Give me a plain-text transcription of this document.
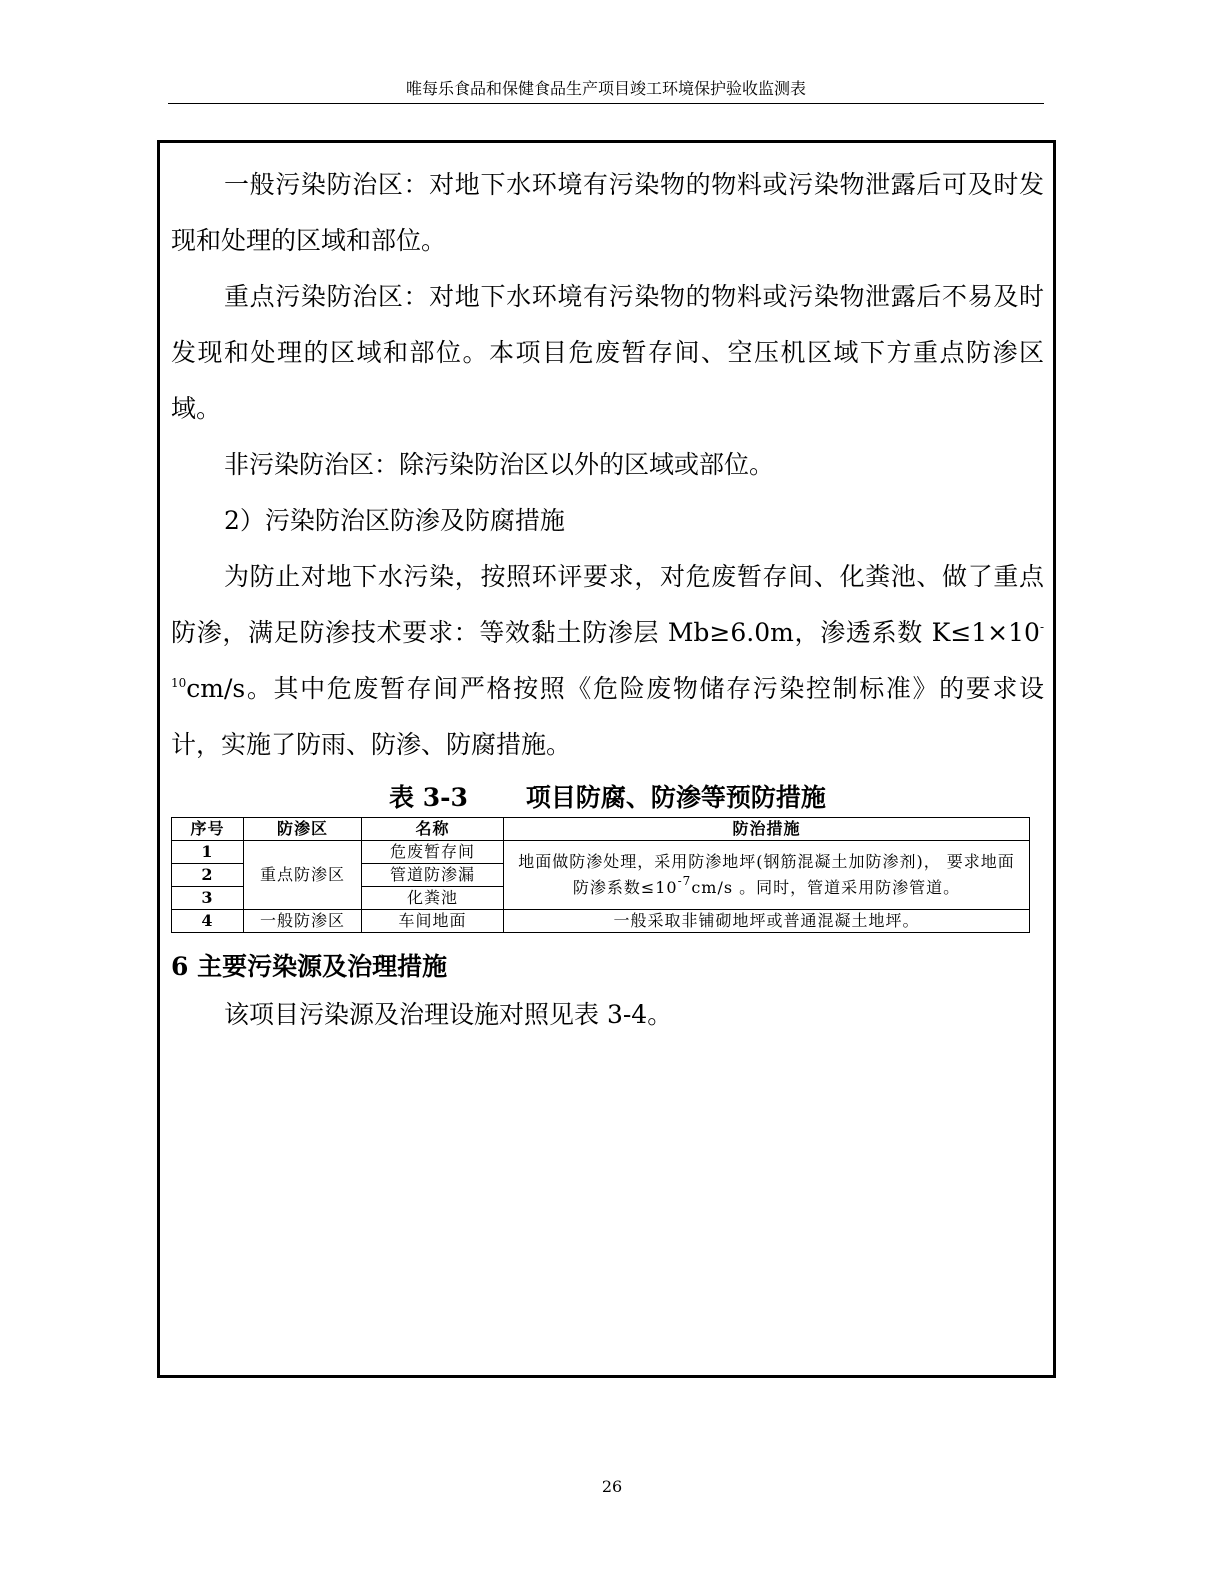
唯每乐食品和保健食品生产项目竣工环境保护验收监测表

一般污染防治区：对地下水环境有污染物的物料或污染物泄露后可及时发现和处理的区域和部位。

重点污染防治区：对地下水环境有污染物的物料或污染物泄露后不易及时发现和处理的区域和部位。本项目危废暂存间、空压机区域下方重点防渗区域。

非污染防治区：除污染防治区以外的区域或部位。

2）污染防治区防渗及防腐措施

为防止对地下水污染，按照环评要求，对危废暂存间、化粪池、做了重点防渗，满足防渗技术要求：等效黏土防渗层 Mb≥6.0m，渗透系数 $K\le 1\times 10^{-10}cm/s$。其中危废暂存间严格按照《危险废物储存污染控制标准》的要求设计，实施了防雨、防渗、防腐措施。

表 3-3 项目防腐、防渗等预防措施
序号	防渗区	名称	防治措施
1	重点防渗区	危废暂存间	地面做防渗处理，采用防渗地坪(钢筋混凝土加防渗剂)， 要求地面防渗系数$\le 10^{-7}cm/s$ 。同时，管道采用防渗管道。
2		管道防渗漏	
3		化粪池	
4	一般防渗区	车间地面	一般采取非铺砌地坪或普通混凝土地坪。
6 主要污染源及治理措施

该项目污染源及治理设施对照见表 3-4。

26
